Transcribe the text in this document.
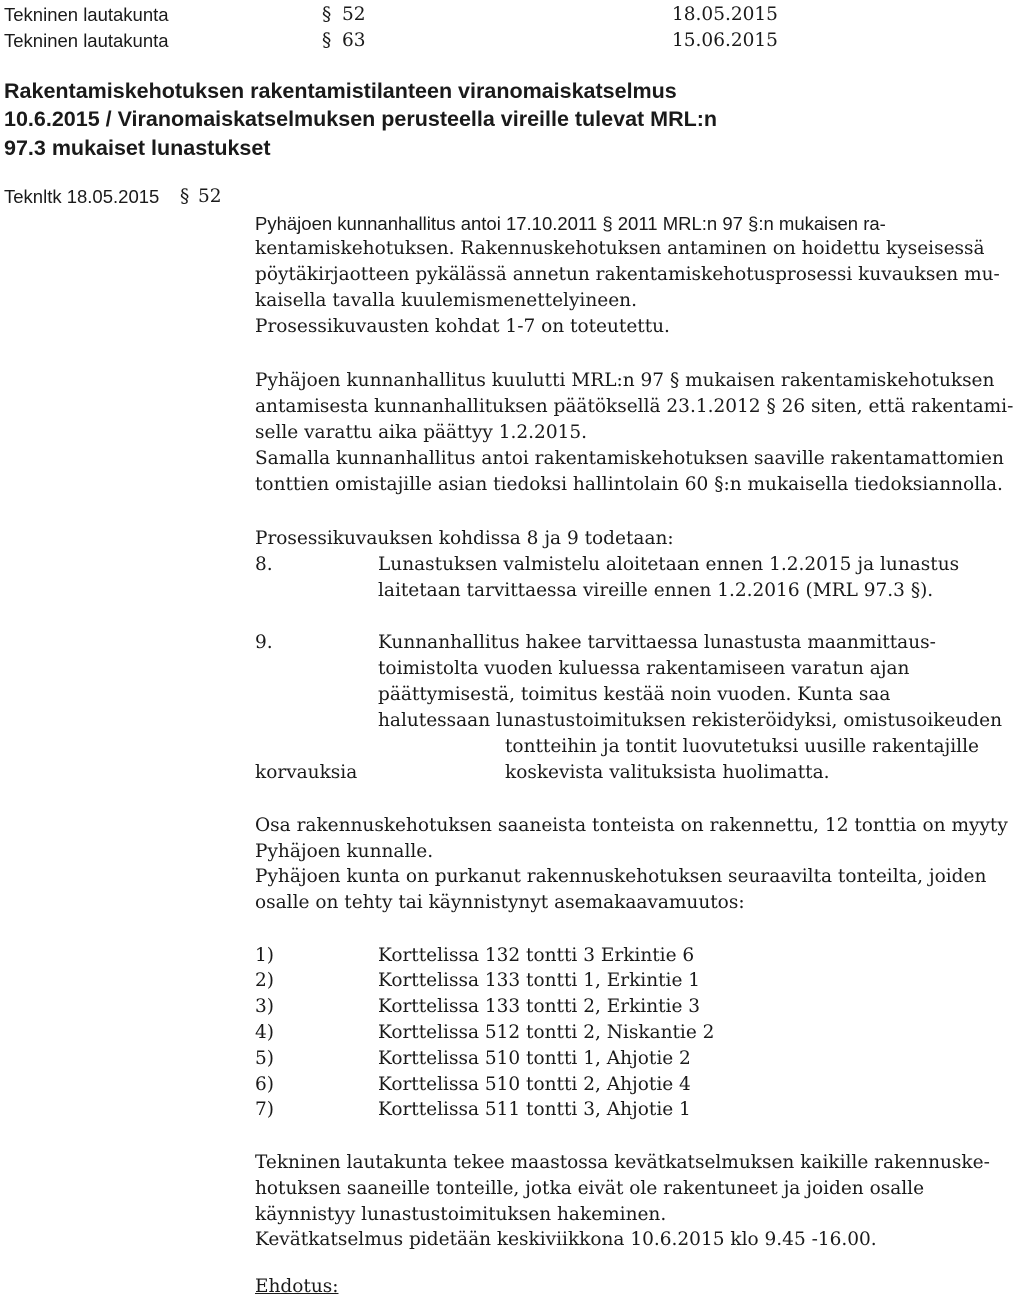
Tekninen lautakunta	§ 52	18.05.2015
Tekninen lautakunta	§ 63	15.06.2015
Rakentamiskehotuksen rakentamistilanteen viranomaiskatselmus
10.6.2015 / Viranomaiskatselmuksen perusteella vireille tulevat MRL:n
97.3 mukaiset lunastukset
Teknltk 18.05.2015 § 52
Pyhäjoen kunnanhallitus antoi 17.10.2011 § 2011 MRL:n 97 §:n mukaisen ra-
kentamiskehotuksen. Rakennuskehotuksen antaminen on hoidettu kyseisessä
pöytäkirjaotteen pykälässä annetun rakentamiskehotusprosessi kuvauksen mu-
kaisella tavalla kuulemismenettelyineen.
Prosessikuvausten kohdat 1-7 on toteutettu.
Pyhäjoen kunnanhallitus kuulutti MRL:n 97 § mukaisen rakentamiskehotuksen
antamisesta kunnanhallituksen päätöksellä 23.1.2012 § 26 siten, että rakentami-
selle varattu aika päättyy 1.2.2015.
Samalla kunnanhallitus antoi rakentamiskehotuksen saaville rakentamattomien
tonttien omistajille asian tiedoksi hallintolain 60 §:n mukaisella tiedoksiannolla.
Prosessikuvauksen kohdissa 8 ja 9 todetaan:
8.	Lunastuksen valmistelu aloitetaan ennen 1.2.2015 ja lunastus
laitetaan tarvittaessa vireille ennen 1.2.2016 (MRL 97.3 §).
9.	Kunnanhallitus hakee tarvittaessa lunastusta maanmittaus-
toimistolta vuoden kuluessa rakentamiseen varatun ajan
päättymisestä, toimitus kestää noin vuoden. Kunta saa
halutessaan lunastustoimituksen rekisteröidyksi, omistusoikeuden
tontteihin ja tontit luovutetuksi uusille rakentajille
korvauksia	koskevista valituksista huolimatta.
Osa rakennuskehotuksen saaneista tonteista on rakennettu, 12 tonttia on myyty
Pyhäjoen kunnalle.
Pyhäjoen kunta on purkanut rakennuskehotuksen seuraavilta tonteilta, joiden
osalle on tehty tai käynnistynyt asemakaavamuutos:
1)	Korttelissa 132 tontti 3 Erkintie 6
2)	Korttelissa 133 tontti 1, Erkintie 1
3)	Korttelissa 133 tontti 2, Erkintie 3
4)	Korttelissa 512 tontti 2, Niskantie 2
5)	Korttelissa 510 tontti 1, Ahjotie 2
6)	Korttelissa 510 tontti 2, Ahjotie 4
7)	Korttelissa 511 tontti 3, Ahjotie 1
Tekninen lautakunta tekee maastossa kevätkatselmuksen kaikille rakennuske-
hotuksen saaneille tonteille, jotka eivät ole rakentuneet ja joiden osalle
käynnistyy lunastustoimituksen hakeminen.
Kevätkatselmus pidetään keskiviikkona 10.6.2015 klo 9.45 -16.00.
Ehdotus:
